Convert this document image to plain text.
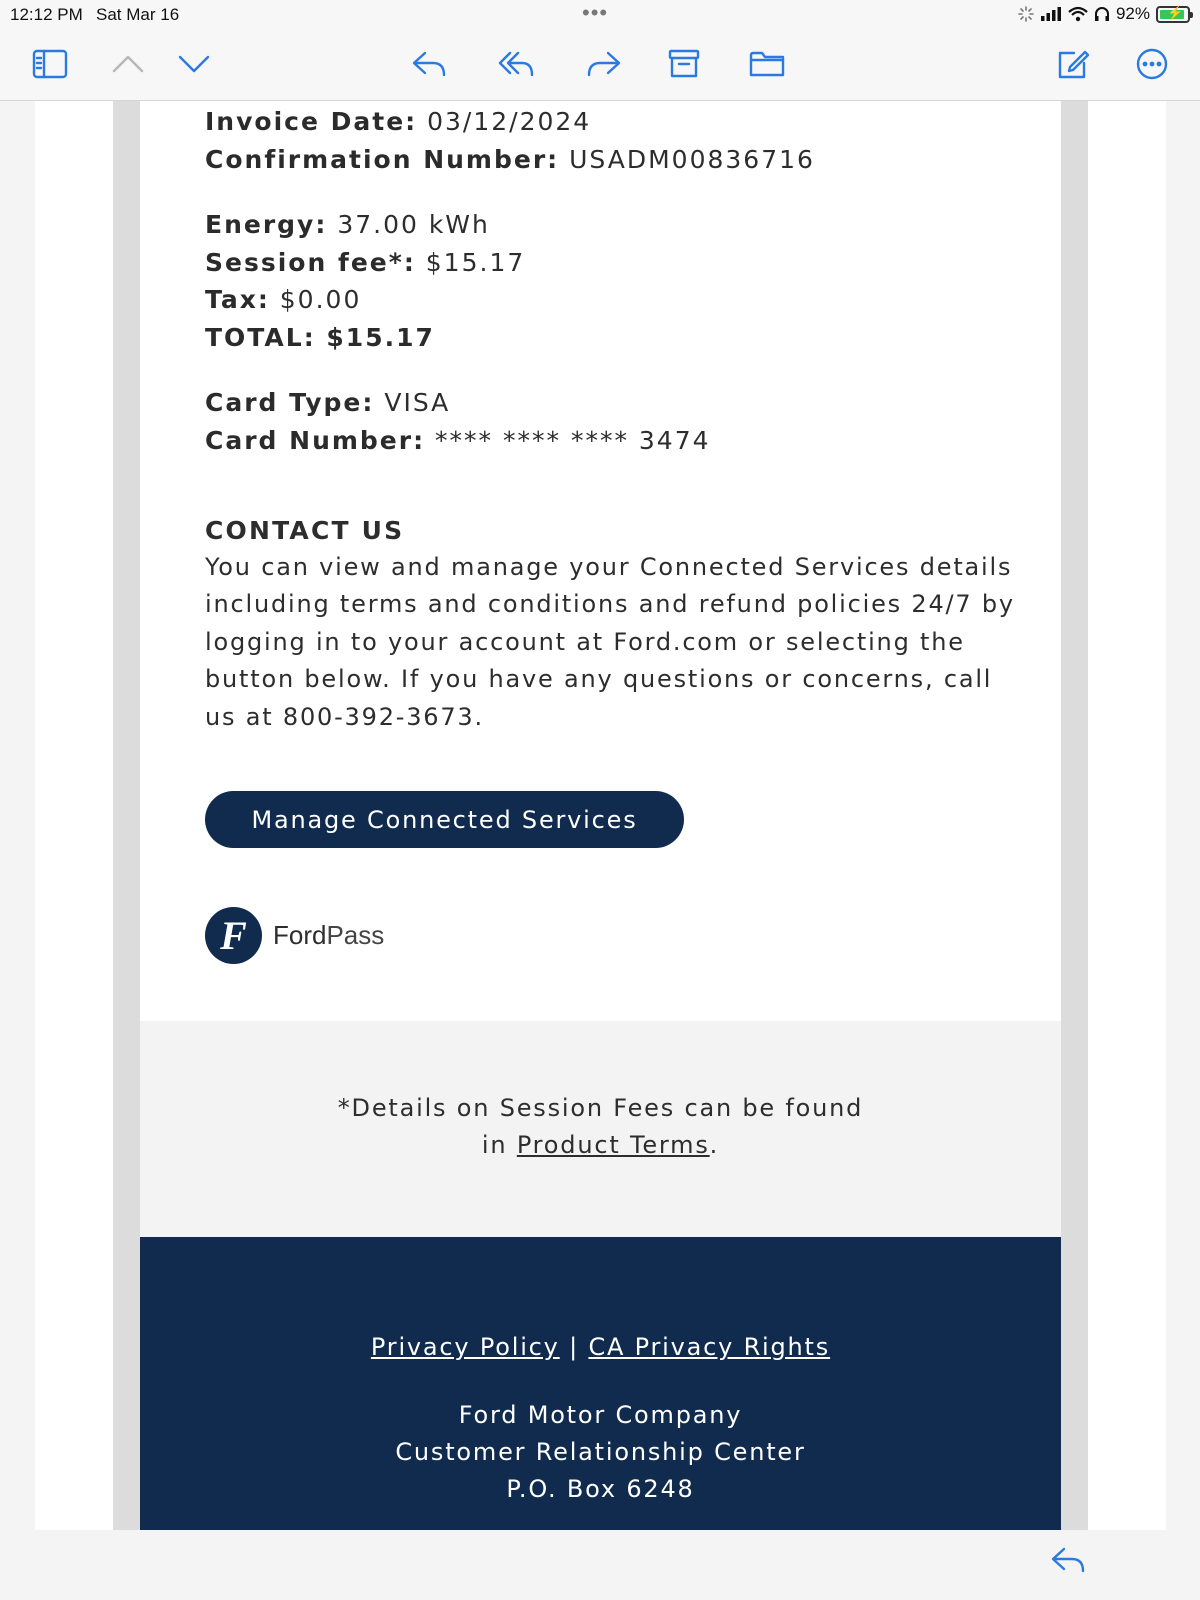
12:12 PM Sat Mar 16	•••	92% ⚡
Invoice Date: 03/12/2024
Confirmation Number: USADM00836716
Energy: 37.00 kWh
Session fee*: $15.17
Tax: $0.00
TOTAL: $15.17
Card Type: VISA
Card Number: **** **** **** 3474
CONTACT US
You can view and manage your Connected Services details including terms and conditions and refund policies 24/7 by logging in to your account at Ford.com or selecting the button below. If you have any questions or concerns, call us at 800-392-3673.
Manage Connected Services
F	FordPass
*Details on Session Fees can be found
in Product Terms.
Privacy Policy | CA Privacy Rights
Ford Motor Company
Customer Relationship Center
P.O. Box 6248
